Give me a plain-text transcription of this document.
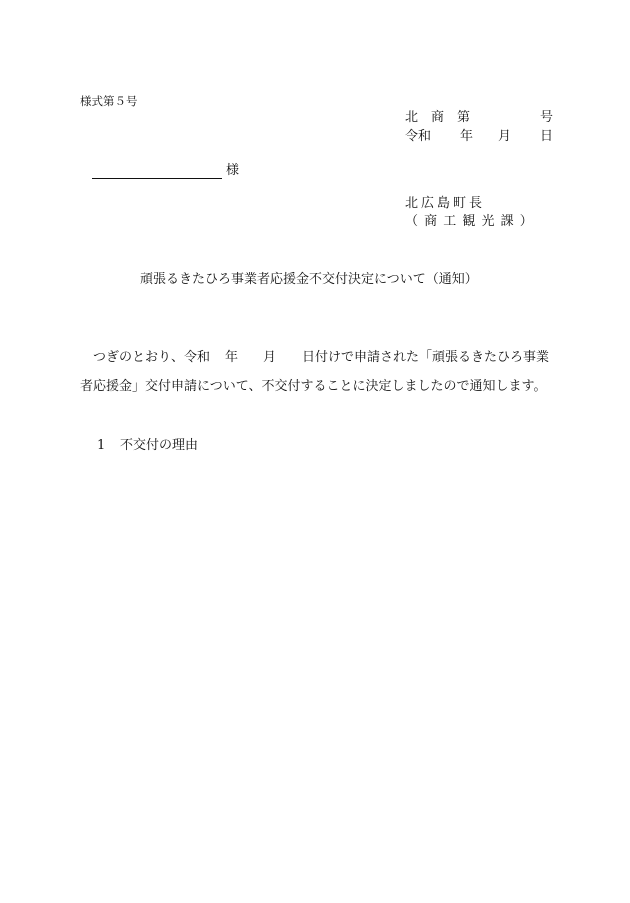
様式第５号
北　商　第	号
令和 年 月 日
様
北広島町長
（ 商 工 観 光 課 ）
頑張るきたひろ事業者応援金不交付決定について（通知）
つぎのとおり、令和 年 月 日付けで申請された「頑張るきたひろ事業
者応援金」交付申請について、不交付することに決定しましたので通知します。
1 不交付の理由
